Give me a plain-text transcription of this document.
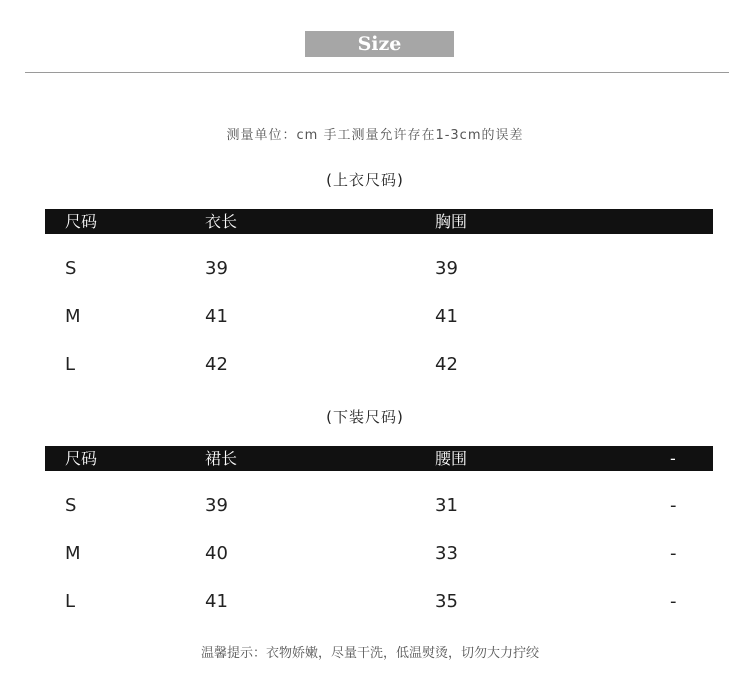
Size
测量单位：cm 手工测量允许存在1-3cm的误差
(上衣尺码)
尺码	衣长	胸围
S	39	39
M	41	41
L	42	42
(下装尺码)
尺码	裙长	腰围	-
S	39	31	-
M	40	33	-
L	41	35	-
温馨提示：衣物娇嫩，尽量干洗，低温熨烫，切勿大力拧绞
